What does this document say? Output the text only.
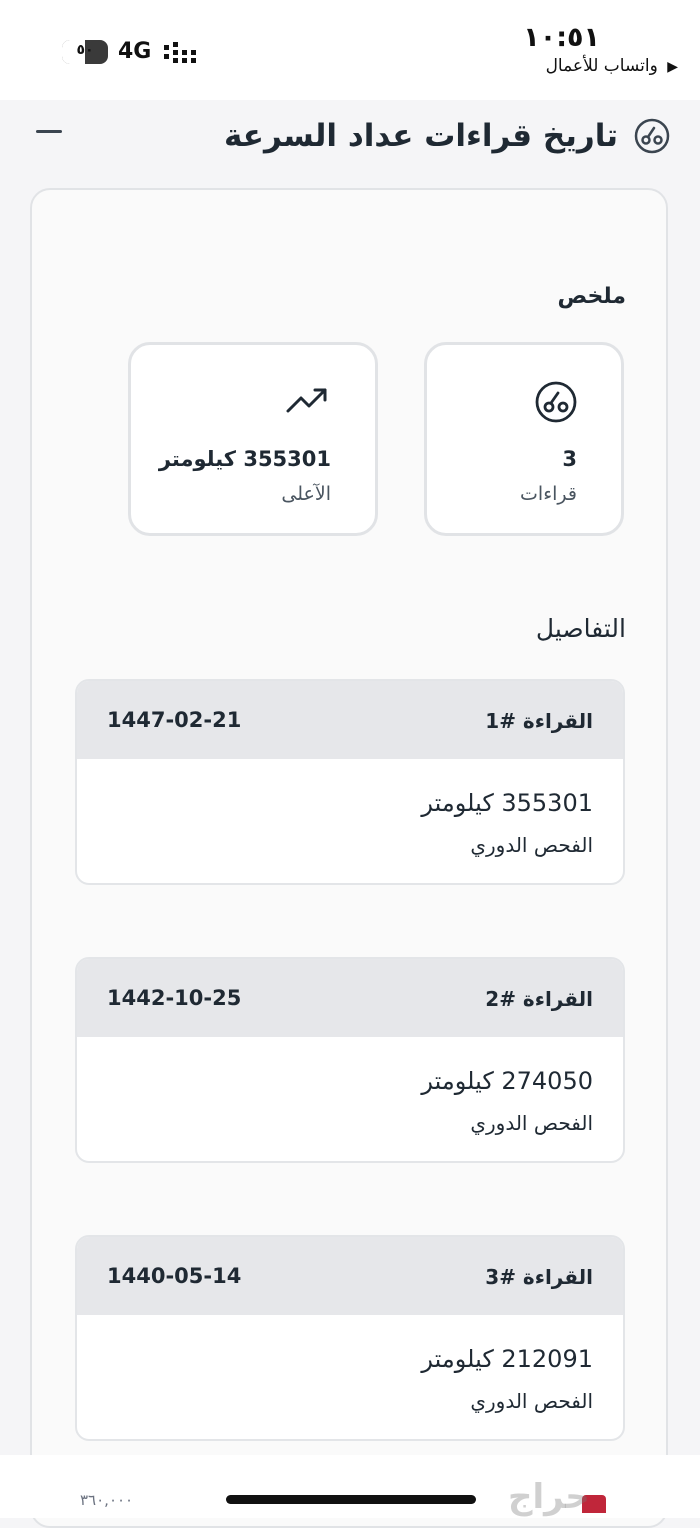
١٠:٥١
▶ واتساب للأعمال
٥٠	4G
تاريخ قراءات عداد السرعة
ملخص
3
قراءات
355301 كيلومتر
الآعلى
التفاصيل
القراءة #1
1447-02-21
355301 كيلومتر
الفحص الدوري
القراءة #2
1442-10-25
274050 كيلومتر
الفحص الدوري
القراءة #3
1440-05-14
212091 كيلومتر
الفحص الدوري
٣٦٠,٠٠٠	حراج
